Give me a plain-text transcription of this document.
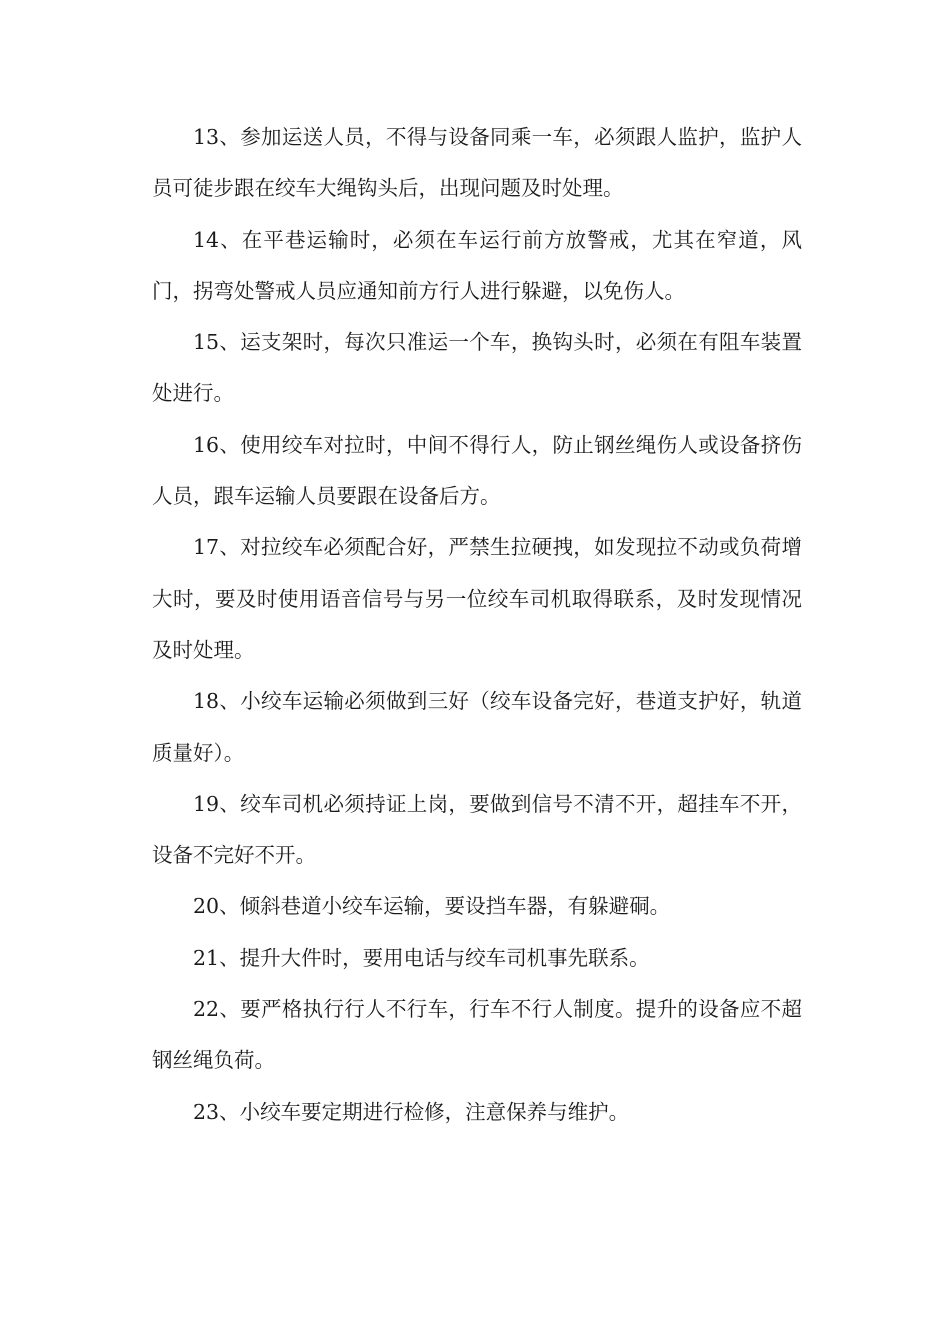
13、参加运送人员，不得与设备同乘一车，必须跟人监护，监护人员可徒步跟在绞车大绳钩头后，出现问题及时处理。

14、在平巷运输时，必须在车运行前方放警戒，尤其在窄道，风门，拐弯处警戒人员应通知前方行人进行躲避，以免伤人。

15、运支架时，每次只准运一个车，换钩头时，必须在有阻车装置处进行。

16、使用绞车对拉时，中间不得行人，防止钢丝绳伤人或设备挤伤人员，跟车运输人员要跟在设备后方。

17、对拉绞车必须配合好，严禁生拉硬拽，如发现拉不动或负荷增大时，要及时使用语音信号与另一位绞车司机取得联系，及时发现情况及时处理。

18、小绞车运输必须做到三好（绞车设备完好，巷道支护好，轨道质量好）。

19、绞车司机必须持证上岗，要做到信号不清不开，超挂车不开，设备不完好不开。

20、倾斜巷道小绞车运输，要设挡车器，有躲避硐。

21、提升大件时，要用电话与绞车司机事先联系。

22、要严格执行行人不行车，行车不行人制度。提升的设备应不超钢丝绳负荷。

23、小绞车要定期进行检修，注意保养与维护。
